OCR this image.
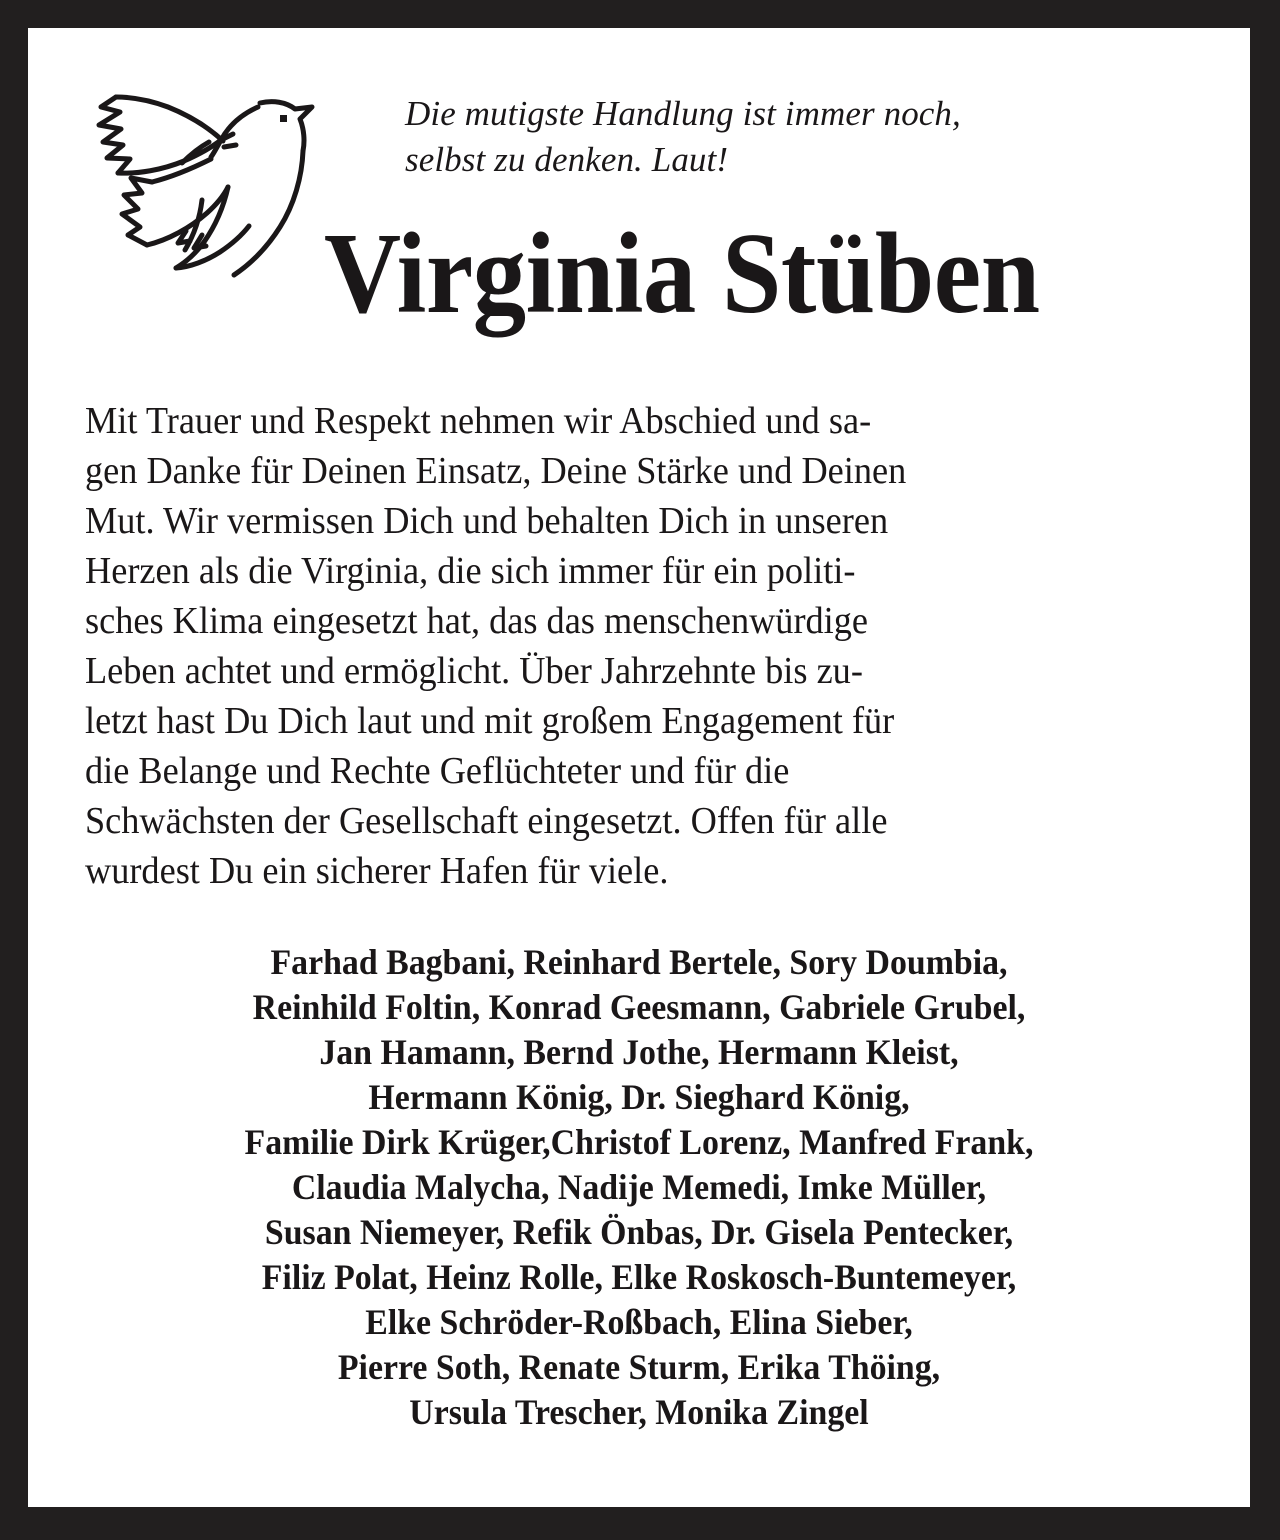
Die mutigste Handlung ist immer noch,
selbst zu denken. Laut!
Virginia Stüben
Mit Trauer und Respekt nehmen wir Abschied und sa-
gen Danke für Deinen Einsatz, Deine Stärke und Deinen
Mut. Wir vermissen Dich und behalten Dich in unseren
Herzen als die Virginia, die sich immer für ein politi-
sches Klima eingesetzt hat, das das menschenwürdige
Leben achtet und ermöglicht. Über Jahrzehnte bis zu-
letzt hast Du Dich laut und mit großem Engagement für
die Belange und Rechte Geflüchteter und für die
Schwächsten der Gesellschaft eingesetzt. Offen für alle
wurdest Du ein sicherer Hafen für viele.
Farhad Bagbani, Reinhard Bertele, Sory Doumbia,
Reinhild Foltin, Konrad Geesmann, Gabriele Grubel,
Jan Hamann, Bernd Jothe, Hermann Kleist,
Hermann König, Dr. Sieghard König,
Familie Dirk Krüger,Christof Lorenz, Manfred Frank,
Claudia Malycha, Nadije Memedi, Imke Müller,
Susan Niemeyer, Refik Önbas, Dr. Gisela Pentecker,
Filiz Polat, Heinz Rolle, Elke Roskosch-Buntemeyer,
Elke Schröder-Roßbach, Elina Sieber,
Pierre Soth, Renate Sturm, Erika Thöing,
Ursula Trescher, Monika Zingel
